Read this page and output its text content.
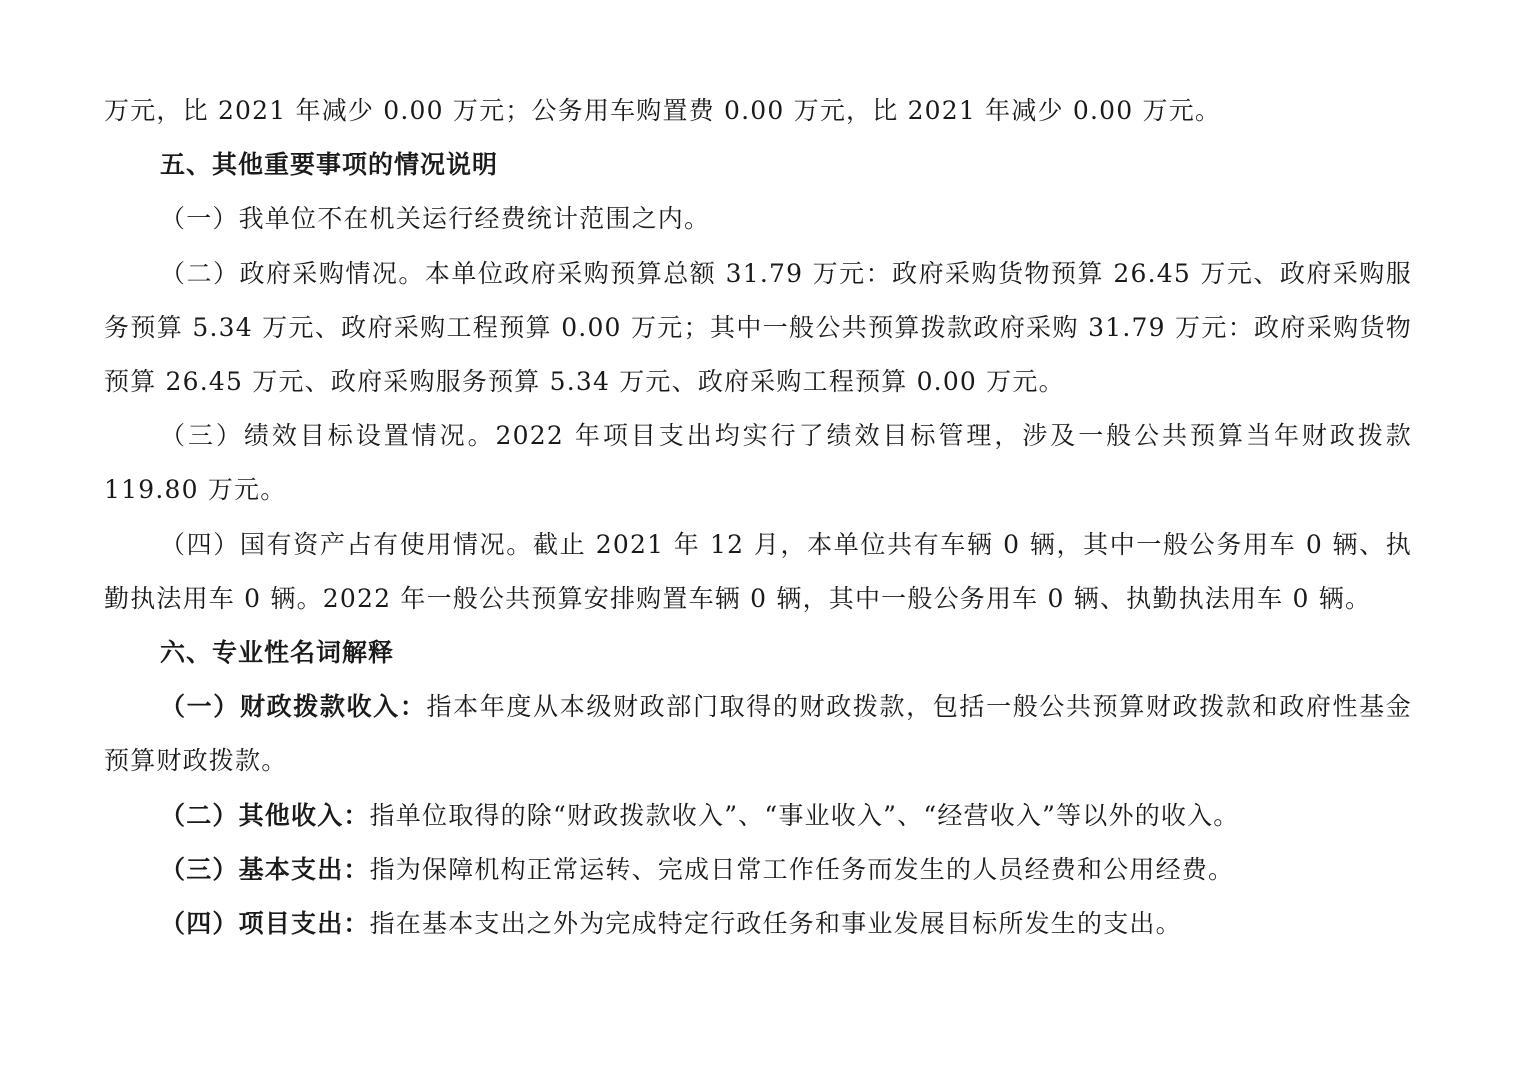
万元，比 2021 年减少 0.00 万元；公务用车购置费 0.00 万元，比 2021 年减少 0.00 万元。

五、其他重要事项的情况说明

（一）我单位不在机关运行经费统计范围之内。

（二）政府采购情况。本单位政府采购预算总额 31.79 万元：政府采购货物预算 26.45 万元、政府采购服务预算 5.34 万元、政府采购工程预算 0.00 万元；其中一般公共预算拨款政府采购 31.79 万元：政府采购货物预算 26.45 万元、政府采购服务预算 5.34 万元、政府采购工程预算 0.00 万元。

（三）绩效目标设置情况。2022 年项目支出均实行了绩效目标管理，涉及一般公共预算当年财政拨款 119.80 万元。

（四）国有资产占有使用情况。截止 2021 年 12 月，本单位共有车辆 0 辆，其中一般公务用车 0 辆、执勤执法用车 0 辆。2022 年一般公共预算安排购置车辆 0 辆，其中一般公务用车 0 辆、执勤执法用车 0 辆。

六、专业性名词解释

（一）财政拨款收入：指本年度从本级财政部门取得的财政拨款，包括一般公共预算财政拨款和政府性基金预算财政拨款。

（二）其他收入：指单位取得的除“财政拨款收入”、“事业收入”、“经营收入”等以外的收入。

（三）基本支出：指为保障机构正常运转、完成日常工作任务而发生的人员经费和公用经费。

（四）项目支出：指在基本支出之外为完成特定行政任务和事业发展目标所发生的支出。
